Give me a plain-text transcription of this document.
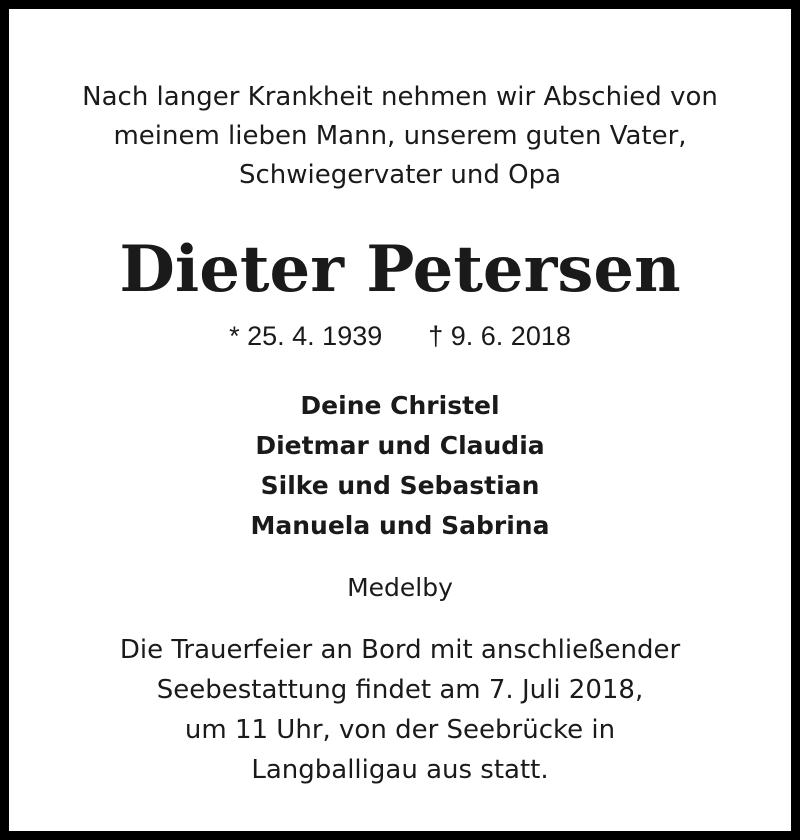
Nach langer Krankheit nehmen wir Abschied von
meinem lieben Mann, unserem guten Vater,
Schwiegervater und Opa
Dieter Petersen
* 25. 4. 1939 † 9. 6. 2018
Deine Christel
Dietmar und Claudia
Silke und Sebastian
Manuela und Sabrina
Medelby
Die Trauerfeier an Bord mit anschließender
Seebestattung findet am 7. Juli 2018,
um 11 Uhr, von der Seebrücke in
Langballigau aus statt.
